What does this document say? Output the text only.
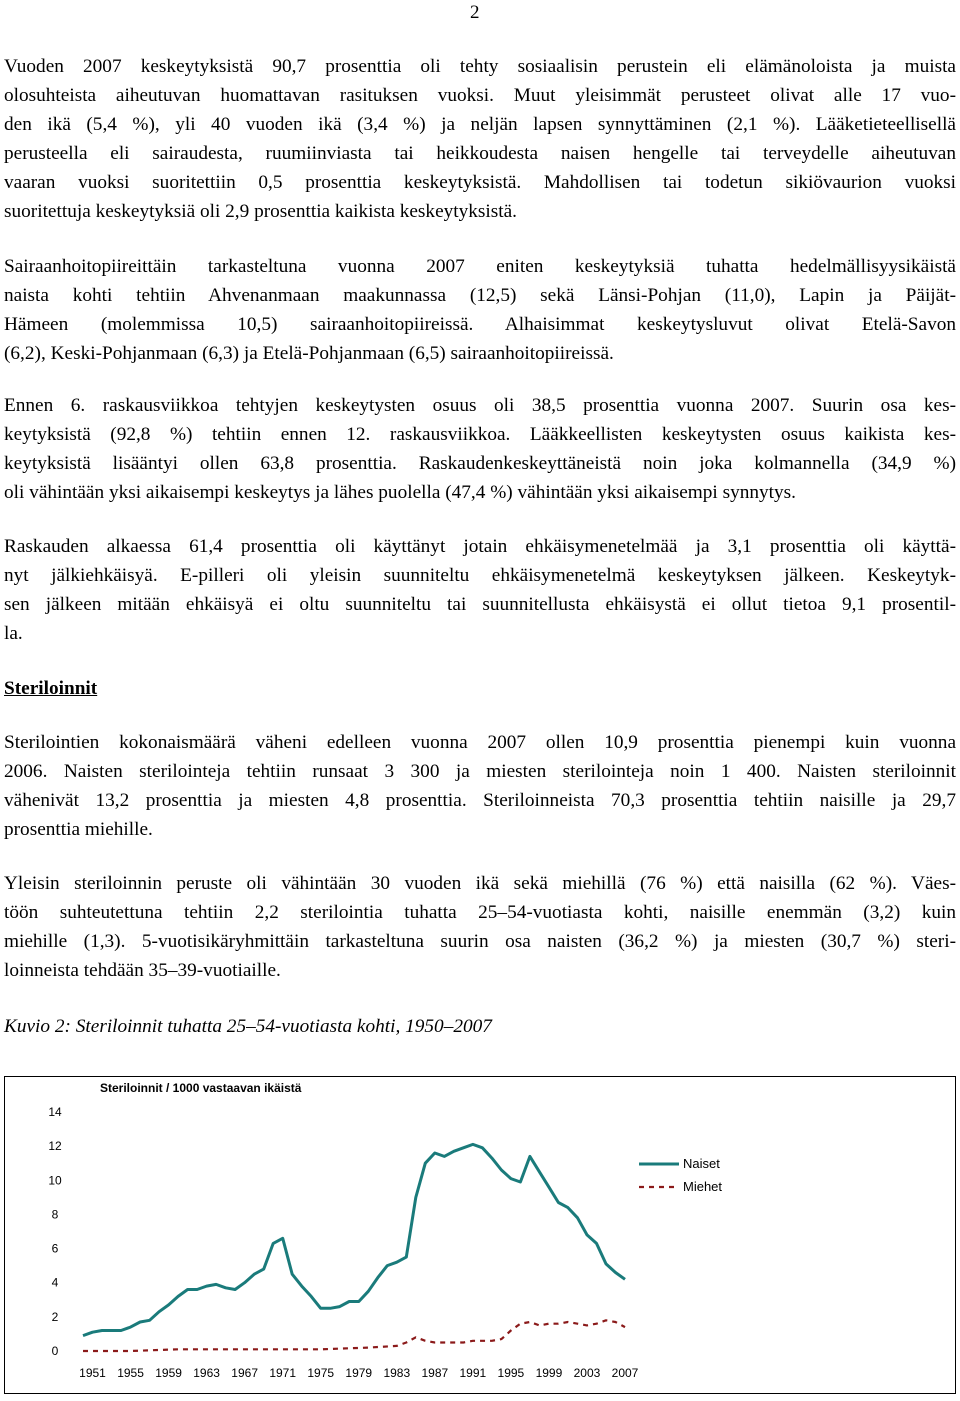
2
Vuoden 2007 keskeytyksistä 90,7 prosenttia oli tehty sosiaalisin perustein eli elämänoloista ja muista
olosuhteista aiheutuvan huomattavan rasituksen vuoksi. Muut yleisimmät perusteet olivat alle 17 vuo-
den ikä (5,4 %), yli 40 vuoden ikä (3,4 %) ja neljän lapsen synnyttäminen (2,1 %). Lääketieteellisellä
perusteella eli sairaudesta, ruumiinviasta tai heikkoudesta naisen hengelle tai terveydelle aiheutuvan
vaaran vuoksi suoritettiin 0,5 prosenttia keskeytyksistä. Mahdollisen tai todetun sikiövaurion vuoksi
suoritettuja keskeytyksiä oli 2,9 prosenttia kaikista keskeytyksistä.
Sairaanhoitopiireittäin tarkasteltuna vuonna 2007 eniten keskeytyksiä tuhatta hedelmällisyysikäistä
naista kohti tehtiin Ahvenanmaan maakunnassa (12,5) sekä Länsi-Pohjan (11,0), Lapin ja Päijät-
Hämeen (molemmissa 10,5) sairaanhoitopiireissä. Alhaisimmat keskeytysluvut olivat Etelä-Savon
(6,2), Keski-Pohjanmaan (6,3) ja Etelä-Pohjanmaan (6,5) sairaanhoitopiireissä.
Ennen 6. raskausviikkoa tehtyjen keskeytysten osuus oli 38,5 prosenttia vuonna 2007. Suurin osa kes-
keytyksistä (92,8 %) tehtiin ennen 12. raskausviikkoa. Lääkkeellisten keskeytysten osuus kaikista kes-
keytyksistä lisääntyi ollen 63,8 prosenttia. Raskaudenkeskeyttäneistä noin joka kolmannella (34,9 %)
oli vähintään yksi aikaisempi keskeytys ja lähes puolella (47,4 %) vähintään yksi aikaisempi synnytys.
Raskauden alkaessa 61,4 prosenttia oli käyttänyt jotain ehkäisymenetelmää ja 3,1 prosenttia oli käyttä-
nyt jälkiehkäisyä. E-pilleri oli yleisin suunniteltu ehkäisymenetelmä keskeytyksen jälkeen. Keskeytyk-
sen jälkeen mitään ehkäisyä ei oltu suunniteltu tai suunnitellusta ehkäisystä ei ollut tietoa 9,1 prosentil-
la.
Steriloinnit
Sterilointien kokonaismäärä väheni edelleen vuonna 2007 ollen 10,9 prosenttia pienempi kuin vuonna
2006. Naisten sterilointeja tehtiin runsaat 3 300 ja miesten sterilointeja noin 1 400. Naisten steriloinnit
vähenivät 13,2 prosenttia ja miesten 4,8 prosenttia. Steriloinneista 70,3 prosenttia tehtiin naisille ja 29,7
prosenttia miehille.
Yleisin steriloinnin peruste oli vähintään 30 vuoden ikä sekä miehillä (76 %) että naisilla (62 %). Väes-
töön suhteutettuna tehtiin 2,2 sterilointia tuhatta 25–54-vuotiasta kohti, naisille enemmän (3,2) kuin
miehille (1,3). 5-vuotisikäryhmittäin tarkasteltuna suurin osa naisten (36,2 %) ja miesten (30,7 %) steri-
loinneista tehdään 35–39-vuotiaille.
Kuvio 2: Steriloinnit tuhatta 25–54-vuotiasta kohti, 1950–2007
Steriloinnit / 1000 vastaavan ikäistä
0
2
4
6
8
10
12
14
1951 1955 1959 1963 1967 1971 1975 1979 1983 1987 1991 1995 1999 2003 2007
Naiset
Miehet
